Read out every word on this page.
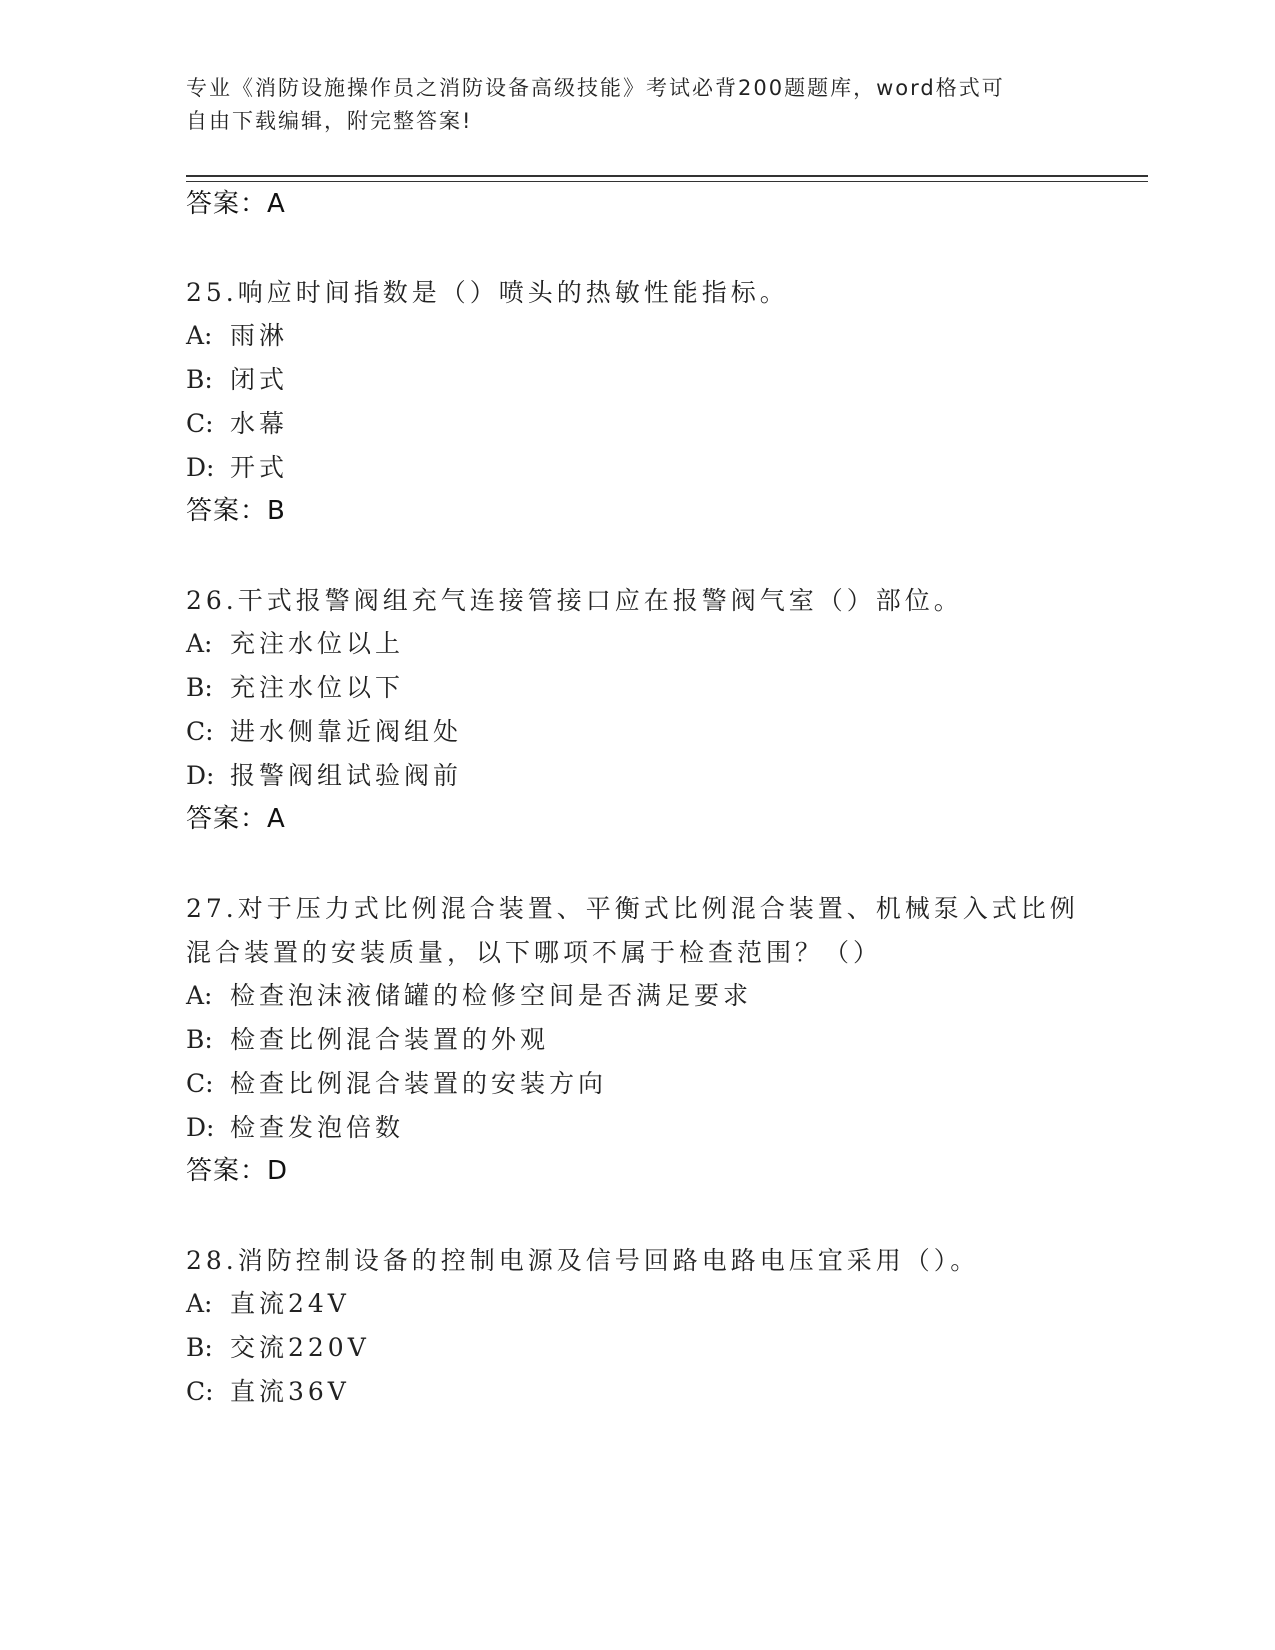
专业《消防设施操作员之消防设备高级技能》考试必背200题题库，word格式可
自由下载编辑，附完整答案!
答案：A
25.响应时间指数是（）喷头的热敏性能指标。
A: 雨淋
B: 闭式
C: 水幕
D: 开式
答案：B
26.干式报警阀组充气连接管接口应在报警阀气室（）部位。
A: 充注水位以上
B: 充注水位以下
C: 进水侧靠近阀组处
D: 报警阀组试验阀前
答案：A
27.对于压力式比例混合装置、平衡式比例混合装置、机械泵入式比例
混合装置的安装质量，以下哪项不属于检查范围？（）
A: 检查泡沫液储罐的检修空间是否满足要求
B: 检查比例混合装置的外观
C: 检查比例混合装置的安装方向
D: 检查发泡倍数
答案：D
28.消防控制设备的控制电源及信号回路电路电压宜采用（）。
A: 直流24V
B: 交流220V
C: 直流36V
